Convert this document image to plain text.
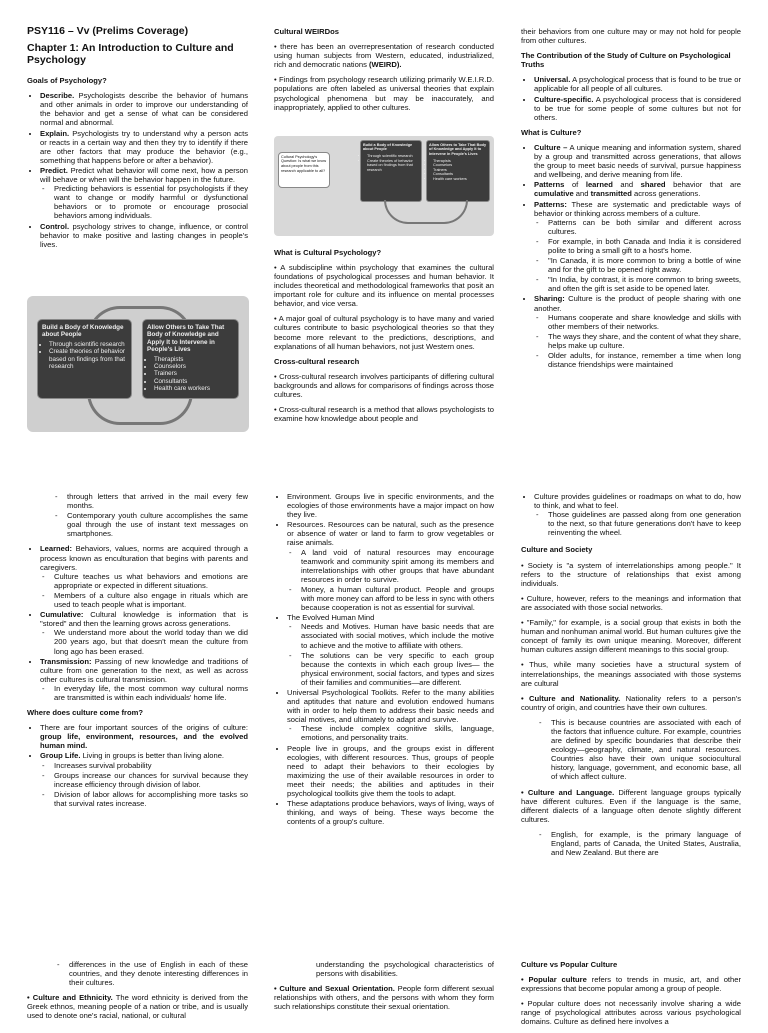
PSY116 – Vv (Prelims Coverage)
Chapter 1: An Introduction to Culture and Psychology
Goals of Psychology?
• Describe. Psychologists describe the behavior of humans and other animals in order to improve our understanding of the behavior and get a sense of what can be considered normal and abnormal.
• Explain. Psychologists try to understand why a person acts or reacts in a certain way and then they try to identify if there are other factors that may produce the behavior (e.g., something that happens before or after a behavior).
• Predict. Predict what behavior will come next, how a person will behave or when will the behavior happen in the future.
- Predicting behaviors is essential for psychologists if they want to change or modify harmful or dysfunctional behaviors or to promote or encourage prosocial behaviors among individuals.
• Control. psychology strives to change, influence, or control behavior to make positive and lasting changes in people's lives.
Build a Body of Knowledge about People
• Through scientific research
• Create theories of behavior based on findings from that research
Allow Others to Take That Body of Knowledge and Apply It to Intervene in People's Lives
• Therapists
• Counselors
• Trainers
• Consultants
• Health care workers
Cultural WEIRDos

• there has been an overrepresentation of research conducted using human subjects from Western, educated, industrialized, rich and democratic nations (WEIRD).

• Findings from psychology research utilizing primarily W.E.I.R.D. populations are often labeled as universal theories that explain psychological phenomena but may be inaccurately, and inappropriately, applied to other cultures.

Cultural Psychology's Question: Is what we know about people from this research applicable to all?
Build a Body of Knowledge about People
• Through scientific research
• Create theories of behavior based on findings from that research
Allow Others to Take That Body of Knowledge and Apply It to Intervene in People's Lives
• Therapists
• Counselors
• Trainers
• Consultants
• Health care workers
What is Cultural Psychology?

• A subdiscipline within psychology that examines the cultural foundations of psychological processes and human behavior. It includes theoretical and methodological frameworks that posit an important role for culture and its influence on mental processes behavior, and vice versa.

• A major goal of cultural psychology is to have many and varied cultures contribute to basic psychological theories so that they become more relevant to the predictions, descriptions, and explanations of all human behaviors, not just Western ones.

Cross-cultural research

• Cross-cultural research involves participants of differing cultural backgrounds and allows for comparisons of findings across those cultures.

• Cross-cultural research is a method that allows psychologists to examine how knowledge about people and

their behaviors from one culture may or may not hold for people from other cultures.

The Contribution of the Study of Culture on Psychological Truths
• Universal. A psychological process that is found to be true or applicable for all people of all cultures.
• Culture-specific. A psychological process that is considered to be true for some people of some cultures but not for others.
What is Culture?
• Culture – A unique meaning and information system, shared by a group and transmitted across generations, that allows the group to meet basic needs of survival, pursue happiness and wellbeing, and derive meaning from life.
• Patterns of learned and shared behavior that are cumulative and transmitted across generations.
• Patterns: These are systematic and predictable ways of behavior or thinking across members of a culture.
- Patterns can be both similar and different across cultures.
- For example, in both Canada and India it is considered polite to bring a small gift to a host's home.
- "In Canada, it is more common to bring a bottle of wine and for the gift to be opened right away.
- "In India, by contrast, it is more common to bring sweets, and often the gift is set aside to be opened later.
• Sharing: Culture is the product of people sharing with one another.
- Humans cooperate and share knowledge and skills with other members of their networks.
- The ways they share, and the content of what they share, helps make up culture.
- Older adults, for instance, remember a time when long distance friendships were maintained
- through letters that arrived in the mail every few months.
- Contemporary youth culture accomplishes the same goal through the use of instant text messages on smartphones.
• Learned: Behaviors, values, norms are acquired through a process known as enculturation that begins with parents and caregivers.
- Culture teaches us what behaviors and emotions are appropriate or expected in different situations.
- Members of a culture also engage in rituals which are used to teach people what is important.
• Cumulative: Cultural knowledge is information that is "stored" and then the learning grows across generations.
- We understand more about the world today than we did 200 years ago, but that doesn't mean the culture from long ago has been erased.
• Transmission: Passing of new knowledge and traditions of culture from one generation to the next, as well as across other cultures is cultural transmission.
- In everyday life, the most common way cultural norms are transmitted is within each individuals' home life.
Where does culture come from?
• There are four important sources of the origins of culture: group life, environment, resources, and the evolved human mind.
• Group Life. Living in groups is better than living alone.
- Increases survival probability
- Groups increase our chances for survival because they increase efficiency through division of labor.
- Division of labor allows for accomplishing more tasks so that survival rates increase.
• Environment. Groups live in specific environments, and the ecologies of those environments have a major impact on how they live.
• Resources. Resources can be natural, such as the presence or absence of water or land to farm to grow vegetables or raise animals.
- A land void of natural resources may encourage teamwork and community spirit among its members and interrelationships with other groups that have abundant resources in order to survive.
- Money, a human cultural product. People and groups with more money can afford to be less in sync with others because cooperation is not as essential for survival.
• The Evolved Human Mind
- Needs and Motives. Human have basic needs that are associated with social motives, which include the motive to achieve and the motive to affiliate with others.
- The solutions can be very specific to each group because the contexts in which each group lives— the physical environment, social factors, and types and sizes of their families and communities—are different.
• Universal Psychological Toolkits. Refer to the many abilities and aptitudes that nature and evolution endowed humans with in order to help them to address their basic needs and social motives, and ultimately to adapt and survive.
- These include complex cognitive skills, language, emotions, and personality traits.
• People live in groups, and the groups exist in different ecologies, with different resources. Thus, groups of people need to adapt their behaviors to their ecologies by maximizing the use of their available resources in order to meet their needs; the abilities and aptitudes in their psychological toolkits give them the tools to adapt.
• These adaptations produce behaviors, ways of living, ways of thinking, and ways of being. These ways become the contents of a group's culture.
• Culture provides guidelines or roadmaps on what to do, how to think, and what to feel.
- Those guidelines are passed along from one generation to the next, so that future generations don't have to keep reinventing the wheel.
Culture and Society

• Society is "a system of interrelationships among people." It refers to the structure of relationships that exist among individuals.

• Culture, however, refers to the meanings and information that are associated with those social networks.

• "Family," for example, is a social group that exists in both the human and nonhuman animal world. But human cultures give the concept of family its own unique meaning. Moreover, different human cultures assign different meanings to this social group.

• Thus, while many societies have a structural system of interrelationships, the meanings associated with those systems are cultural

• Culture and Nationality. Nationality refers to a person's country of origin, and countries have their own cultures.

- This is because countries are associated with each of the factors that influence culture. For example, countries are defined by specific boundaries that describe their ecology—geography, climate, and natural resources. Countries also have their own unique sociocultural history, language, government, and economic base, all of which affect culture.

• Culture and Language. Different language groups typically have different cultures. Even if the language is the same, different dialects of a language often denote slightly different cultures.

- English, for example, is the primary language of England, parts of Canada, the United States, Australia, and New Zealand. But there are
- differences in the use of English in each of these countries, and they denote interesting differences in their cultures.

• Culture and Ethnicity. The word ethnicity is derived from the Greek ethnos, meaning people of a nation or tribe, and is usually used to denote one's racial, national, or cultural

understanding the psychological characteristics of persons with disabilities.

• Culture and Sexual Orientation. People form different sexual relationships with others, and the persons with whom they form such relationships constitute their sexual orientation.

Culture vs Popular Culture

• Popular culture refers to trends in music, art, and other expressions that become popular among a group of people.

• Popular culture does not necessarily involve sharing a wide range of psychological attributes across various psychological domains. Culture as defined here involves a
